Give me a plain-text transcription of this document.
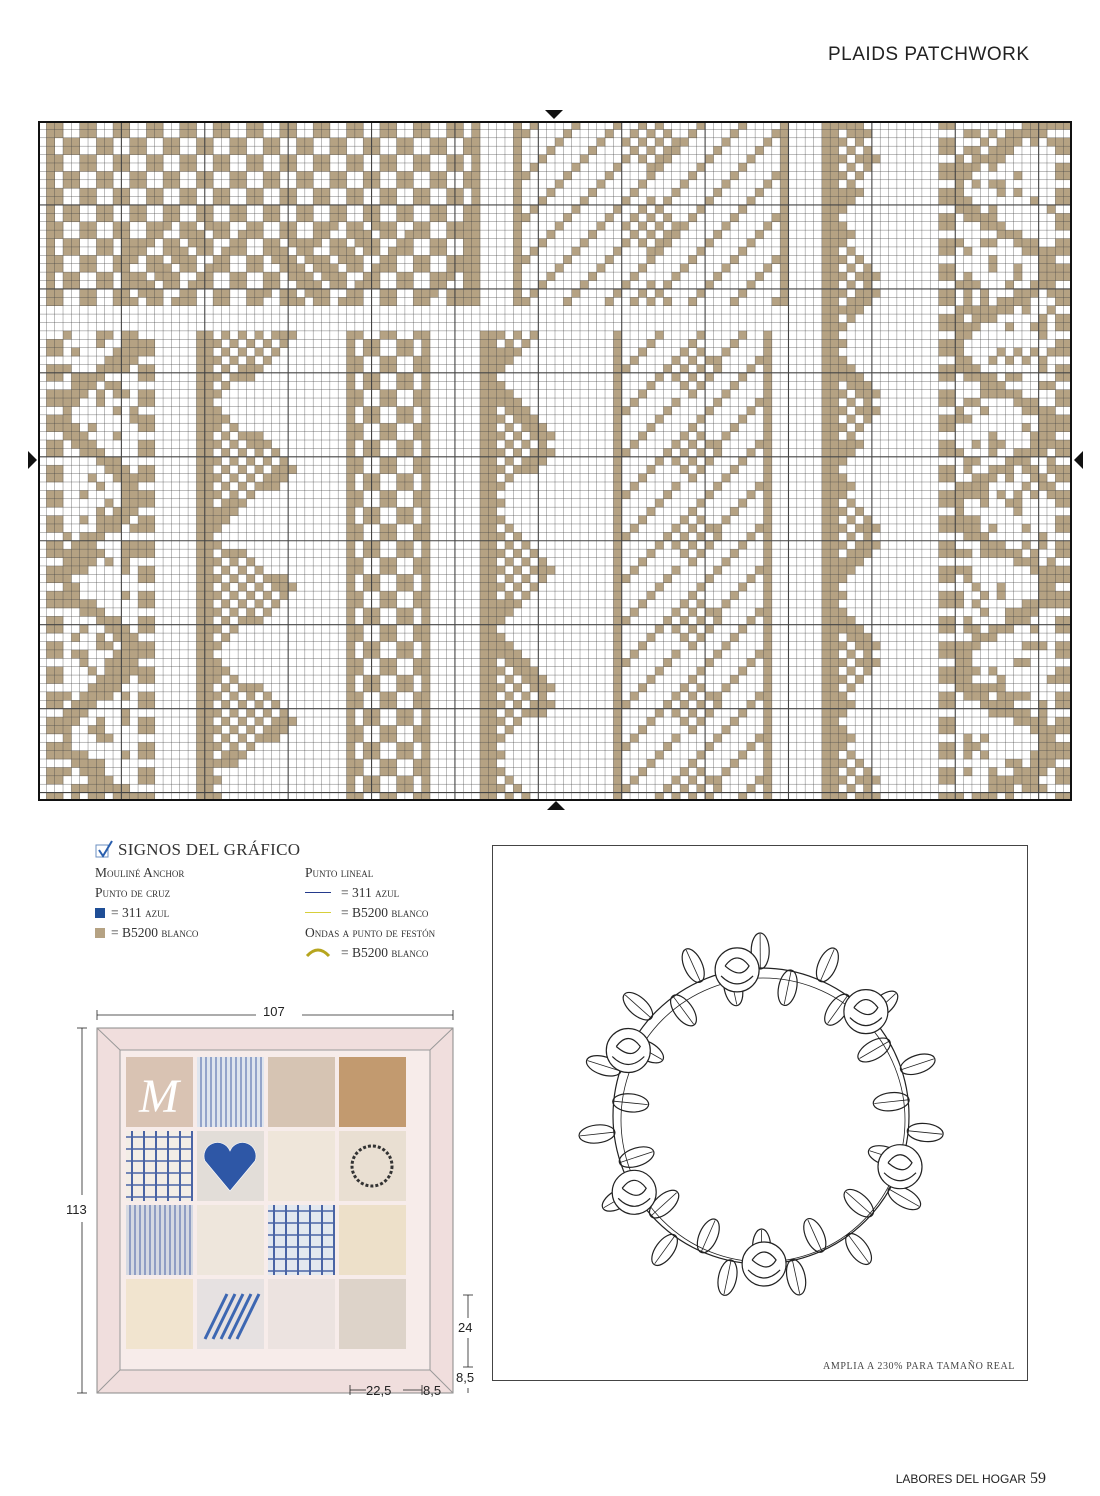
PLAIDS PATCHWORK
SIGNOS DEL GRÁFICO
Mouliné Anchor
Punto de cruz
= 311 azul
= B5200 blanco
Punto lineal
= 311 azul
= B5200 blanco
Ondas a punto de festón
= B5200 blanco
M
107
113
24
8,5
22,5 8,5
AMPLIA A 230% PARA TAMAÑO REAL
LABORES DEL HOGAR 59
